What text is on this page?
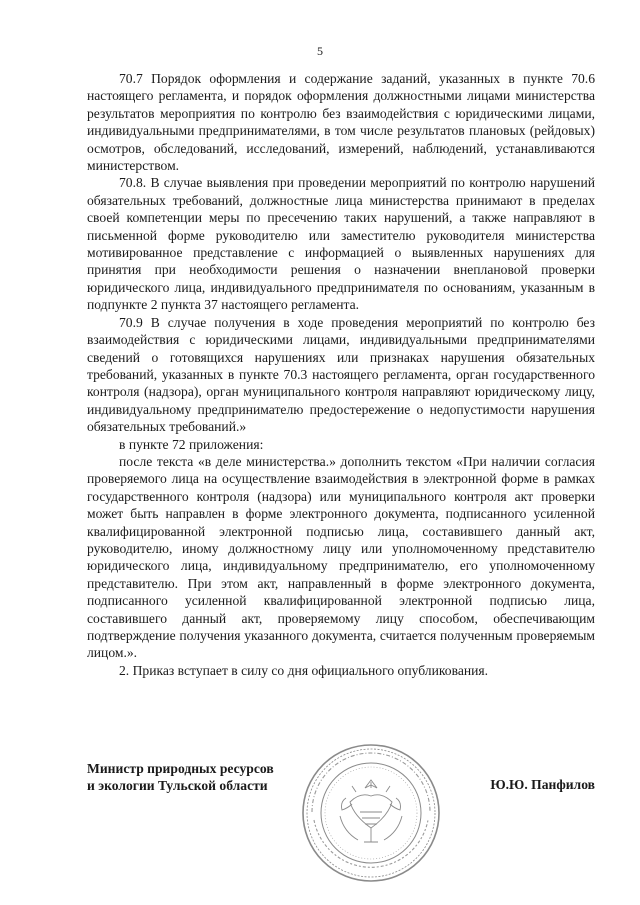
5

70.7 Порядок оформления и содержание заданий, указанных в пункте 70.6 настоящего регламента, и порядок оформления должностными лицами министерства результатов мероприятия по контролю без взаимодействия с юридическими лицами, индивидуальными предпринимателями, в том числе результатов плановых (рейдовых) осмотров, обследований, исследований, измерений, наблюдений, устанавливаются министерством.

70.8. В случае выявления при проведении мероприятий по контролю нарушений обязательных требований, должностные лица министерства принимают в пределах своей компетенции меры по пресечению таких нарушений, а также направляют в письменной форме руководителю или заместителю руководителя министерства мотивированное представление с информацией о выявленных нарушениях для принятия при необходимости решения о назначении внеплановой проверки юридического лица, индивидуального предпринимателя по основаниям, указанным в подпункте 2 пункта 37 настоящего регламента.

70.9 В случае получения в ходе проведения мероприятий по контролю без взаимодействия с юридическими лицами, индивидуальными предпринимателями сведений о готовящихся нарушениях или признаках нарушения обязательных требований, указанных в пункте 70.3 настоящего регламента, орган государственного контроля (надзора), орган муниципального контроля направляют юридическому лицу, индивидуальному предпринимателю предостережение о недопустимости нарушения обязательных требований.»

в пункте 72 приложения:

после текста «в деле министерства.» дополнить текстом «При наличии согласия проверяемого лица на осуществление взаимодействия в электронной форме в рамках государственного контроля (надзора) или муниципального контроля акт проверки может быть направлен в форме электронного документа, подписанного усиленной квалифицированной электронной подписью лица, составившего данный акт, руководителю, иному должностному лицу или уполномоченному представителю юридического лица, индивидуальному предпринимателю, его уполномоченному представителю. При этом акт, направленный в форме электронного документа, подписанного усиленной квалифицированной электронной подписью лица, составившего данный акт, проверяемому лицу способом, обеспечивающим подтверждение получения указанного документа, считается полученным проверяемым лицом.».

2. Приказ вступает в силу со дня официального опубликования.

Министр природных ресурсов
и экологии Тульской области	Ю.Ю. Панфилов
